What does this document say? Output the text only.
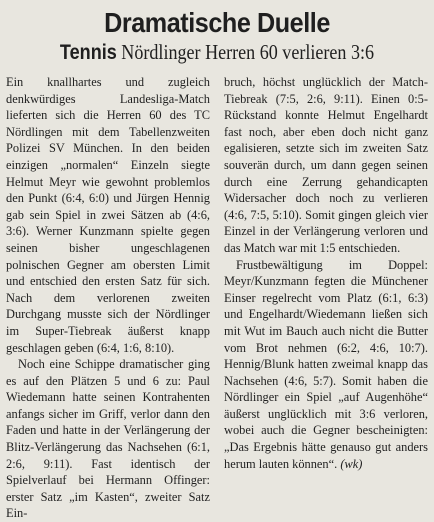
Dramatische Duelle
Tennis Nördlinger Herren 60 verlieren 3:6

Ein knallhartes und zugleich denkwürdiges Landesliga-Match lieferten sich die Herren 60 des TC Nördlingen mit dem Tabellenzweiten Polizei SV München. In den beiden einzigen „normalen“ Einzeln siegte Helmut Meyr wie gewohnt problemlos den Punkt (6:4, 6:0) und Jürgen Hennig gab sein Spiel in zwei Sätzen ab (4:6, 3:6). Werner Kunzmann spielte gegen seinen bisher ungeschlagenen polnischen Gegner am obersten Limit und entschied den ersten Satz für sich. Nach dem verlorenen zweiten Durchgang musste sich der Nördlinger im Super-Tiebreak äußerst knapp geschlagen geben (6:4, 1:6, 8:10).

Noch eine Schippe dramatischer ging es auf den Plätzen 5 und 6 zu: Paul Wiedemann hatte seinen Kontrahenten anfangs sicher im Griff, verlor dann den Faden und hatte in der Verlängerung der Blitz-Verlängerung das Nachsehen (6:1, 2:6, 9:11). Fast identisch der Spielverlauf bei Hermann Offinger: erster Satz „im Kasten“, zweiter Satz Ein-

bruch, höchst unglücklich der Match-Tiebreak (7:5, 2:6, 9:11). Einen 0:5-Rückstand konnte Helmut Engelhardt fast noch, aber eben doch nicht ganz egalisieren, setzte sich im zweiten Satz souverän durch, um dann gegen seinen durch eine Zerrung gehandicapten Widersacher doch noch zu verlieren (4:6, 7:5, 5:10). Somit gingen gleich vier Einzel in der Verlängerung verloren und das Match war mit 1:5 entschieden.

Frustbewältigung im Doppel: Meyr/Kunzmann fegten die Münchener Einser regelrecht vom Platz (6:1, 6:3) und Engelhardt/Wiedemann ließen sich mit Wut im Bauch auch nicht die Butter vom Brot nehmen (6:2, 4:6, 10:7). Hennig/Blunk hatten zweimal knapp das Nachsehen (4:6, 5:7). Somit haben die Nördlinger ein Spiel „auf Augenhöhe“ äußerst unglücklich mit 3:6 verloren, wobei auch die Gegner bescheinigten: „Das Ergebnis hätte genauso gut anders herum lauten können“. (wk)
